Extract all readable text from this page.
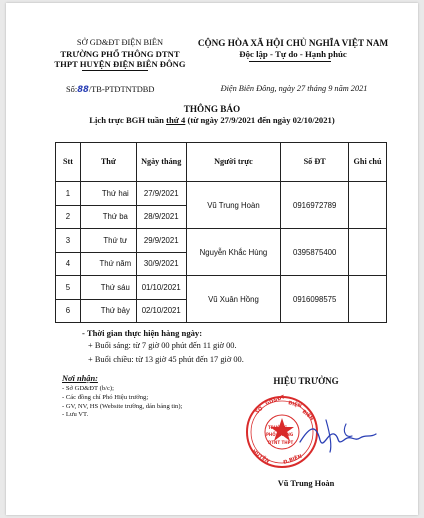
SỞ GD&ĐT ĐIỆN BIÊN
TRƯỜNG PHỔ THÔNG DTNT
THPT HUYỆN ĐIỆN BIÊN ĐÔNG
CỘNG HÒA XÃ HỘI CHỦ NGHĨA VIỆT NAM
Độc lập - Tự do - Hạnh phúc
Số:88/TB-PTDTNTDBD	Điện Biên Đông, ngày 27 tháng 9 năm 2021
THÔNG BÁO
Lịch trực BGH tuần thứ 4 (từ ngày 27/9/2021 đến ngày 02/10/2021)
Stt	Thứ	Ngày tháng	Người trực	Số ĐT	Ghi chú
1	Thứ hai	27/9/2021	Vũ Trung Hoàn	0916972789	
2	Thứ ba	28/9/2021			
3	Thứ tư	29/9/2021	Nguyễn Khắc Hùng	0395875400	
4	Thứ năm	30/9/2021			
5	Thứ sáu	01/10/2021	Vũ Xuân Hồng	0916098575	
6	Thứ bảy	02/10/2021			
- Thời gian thực hiện hàng ngày:
+ Buổi sáng: từ 7 giờ 00 phút đến 11 giờ 00.
+ Buổi chiều: từ 13 giờ 45 phút đến 17 giờ 00.
Nơi nhận:
- Sở GD&ĐT (b/c);
- Các đồng chí Phó Hiệu trưởng;
- GV, NV, HS (Website trường, dán bảng tin);
- Lưu VT.
HIỆU TRƯỞNG
SỞ
GD&ĐT ĐIỆN
BIÊN
TRƯỜNG
PHỔ THÔNG
DTNT THPT
HUYỆN Đ.BIÊN
Vũ Trung Hoàn
